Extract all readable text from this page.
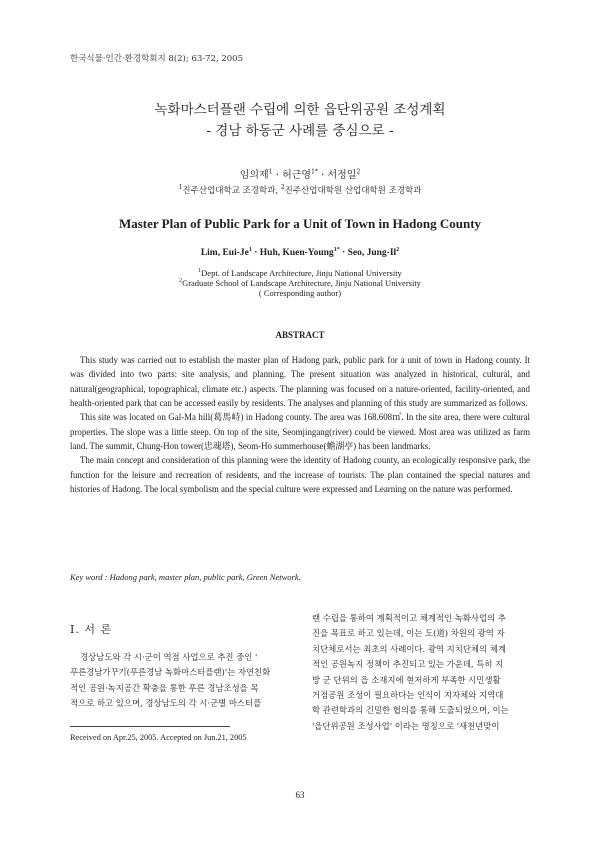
한국식물·인간·환경학회지 8(2); 63-72, 2005
녹화마스터플랜 수립에 의한 읍단위공원 조성계획
- 경남 하동군 사례를 중심으로 -
임의제$^1$ · 허근영$^{1*}$ · 서정일$^2$
$^1$진주산업대학교 조경학과, $^2$진주산업대학원 산업대학원 조경학과
Master Plan of Public Park for a Unit of Town in Hadong County
Lim, Eui-$Je^1$ · Huh, Kuen-Young$^{1*}$ · Seo, Jung-Il$^2$
$^1$Dept. of Landscape Architecture, Jinju National University
$^2$Graduate School of Landscape Architecture, Jinju National University
( Corresponding author)
ABSTRACT

This study was carried out to establish the master plan of Hadong park, public park for a unit of town in Hadong county. It was divided into two parts: site analysis, and planning. The present situation was analyzed in historical, cultural, and natural(geographical, topographical, climate etc.) aspects. The planning was focused on a nature-oriented, facility-oriented, and health-oriented park that can be accessed easily by residents. The analyses and planning of this study are summarized as follows.

This site was located on Gal-Ma hill(葛馬峙) in Hadong county. The area was 168.608㎡. In the site area, there were cultural properties. The slope was a little steep. On top of the site, Seomjingang(river) could be viewed. Most area was utilized as farm land. The summit, Chung-Hon tower(忠魂塔), Seom-Ho summerhouse(蟾湖亭) has been landmarks.

The main concept and consideration of this planning were the identity of Hadong county, an ecologically responsive park, the function for the leisure and recreation of residents, and the increase of tourists. The plan contained the special natures and histories of Hadong. The local symbolism and the special culture were expressed and Learning on the nature was performed.

Key word : Hadong park, master plan, public park, Green Network.
Ⅰ. 서 론
경상남도와 각 시·군이 역점 사업으로 추진 중인 '
푸른경남가꾸기(푸른경남 녹화마스터플랜)'는 자연친화
적인 공원·녹지공간 확충을 통한 푸른 경남조성을 목
적으로 하고 있으며, 경상남도의 각 시·군별 마스터플
랜 수립을 통하여 계획적이고 체계적인 녹화사업의 추
진을 목표로 하고 있는데, 이는 도(道) 차원의 광역 자
치단체로서는 최초의 사례이다. 광역 지치단체의 체계
적인 공원녹지 정책이 추진되고 있는 가운데, 특히 지
방 군 단위의 읍 소재지에 현저하게 부족한 시민생활
거점공원 조성이 필요하다는 인식이 지자체와 지역대
학 관련학과의 긴밀한 협의를 통해 도출되었으며, 이는
'읍단위공원 조성사업' 이라는 명칭으로 '새천년맞이
Received on Apr.25, 2005. Accepted on Jun.21, 2005
63
